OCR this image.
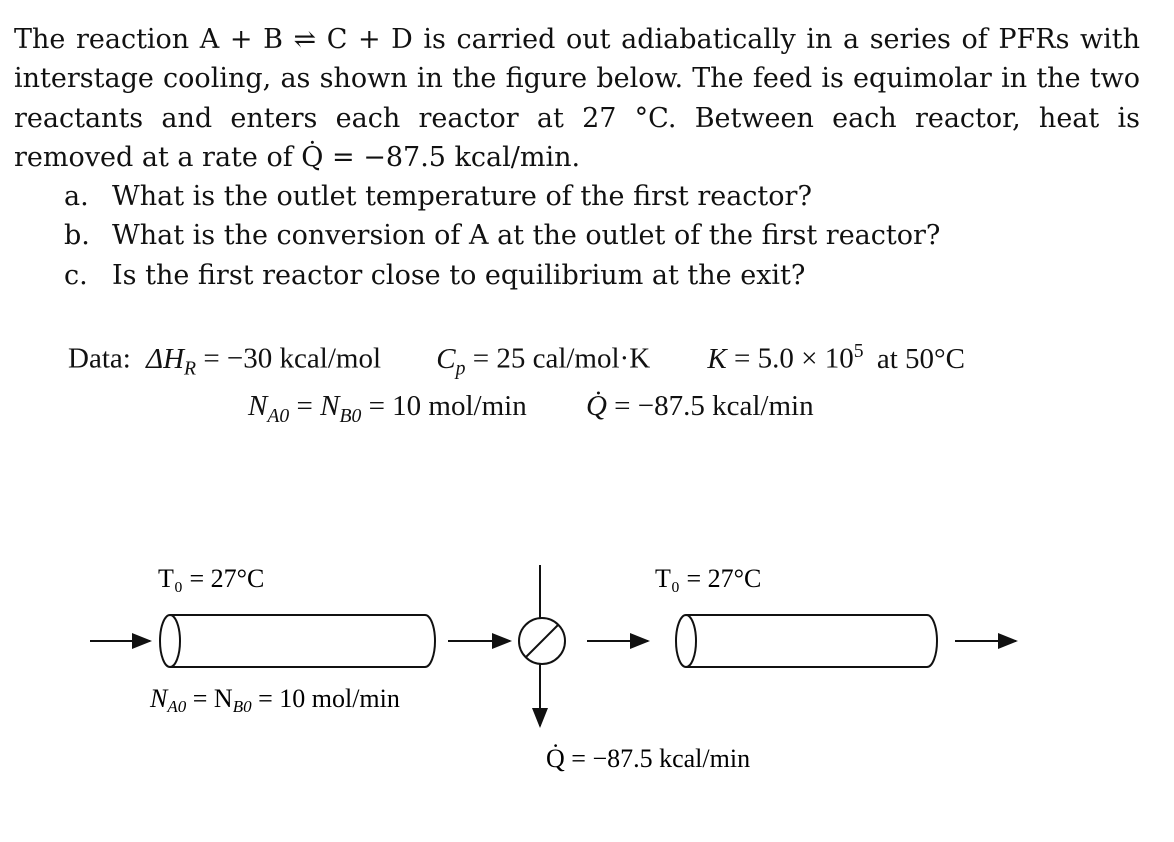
The reaction A + B ⇌ C + D is carried out adiabatically in a series of PFRs with
interstage cooling, as shown in the figure below. The feed is equimolar in the two
reactants and enters each reactor at 27 °C. Between each reactor, heat is
removed at a rate of Q̇ = −87.5 kcal/min.
a. What is the outlet temperature of the first reactor?
b. What is the conversion of A at the outlet of the first reactor?
c. Is the first reactor close to equilibrium at the exit?
Data: $\Delta H_R = -30$ kcal/mol $C_p = 25$ cal/mol·K $K = 5.0 \times 10^5$ at 50°C
$N_{A0} = N_{B0} = 10$ mol/min Q̇ = −87.5 kcal/min
T₀ = 27°C	T₀ = 27°C
NA0 = NB0 = 10 mol/min
Q̇ = −87.5 kcal/min
